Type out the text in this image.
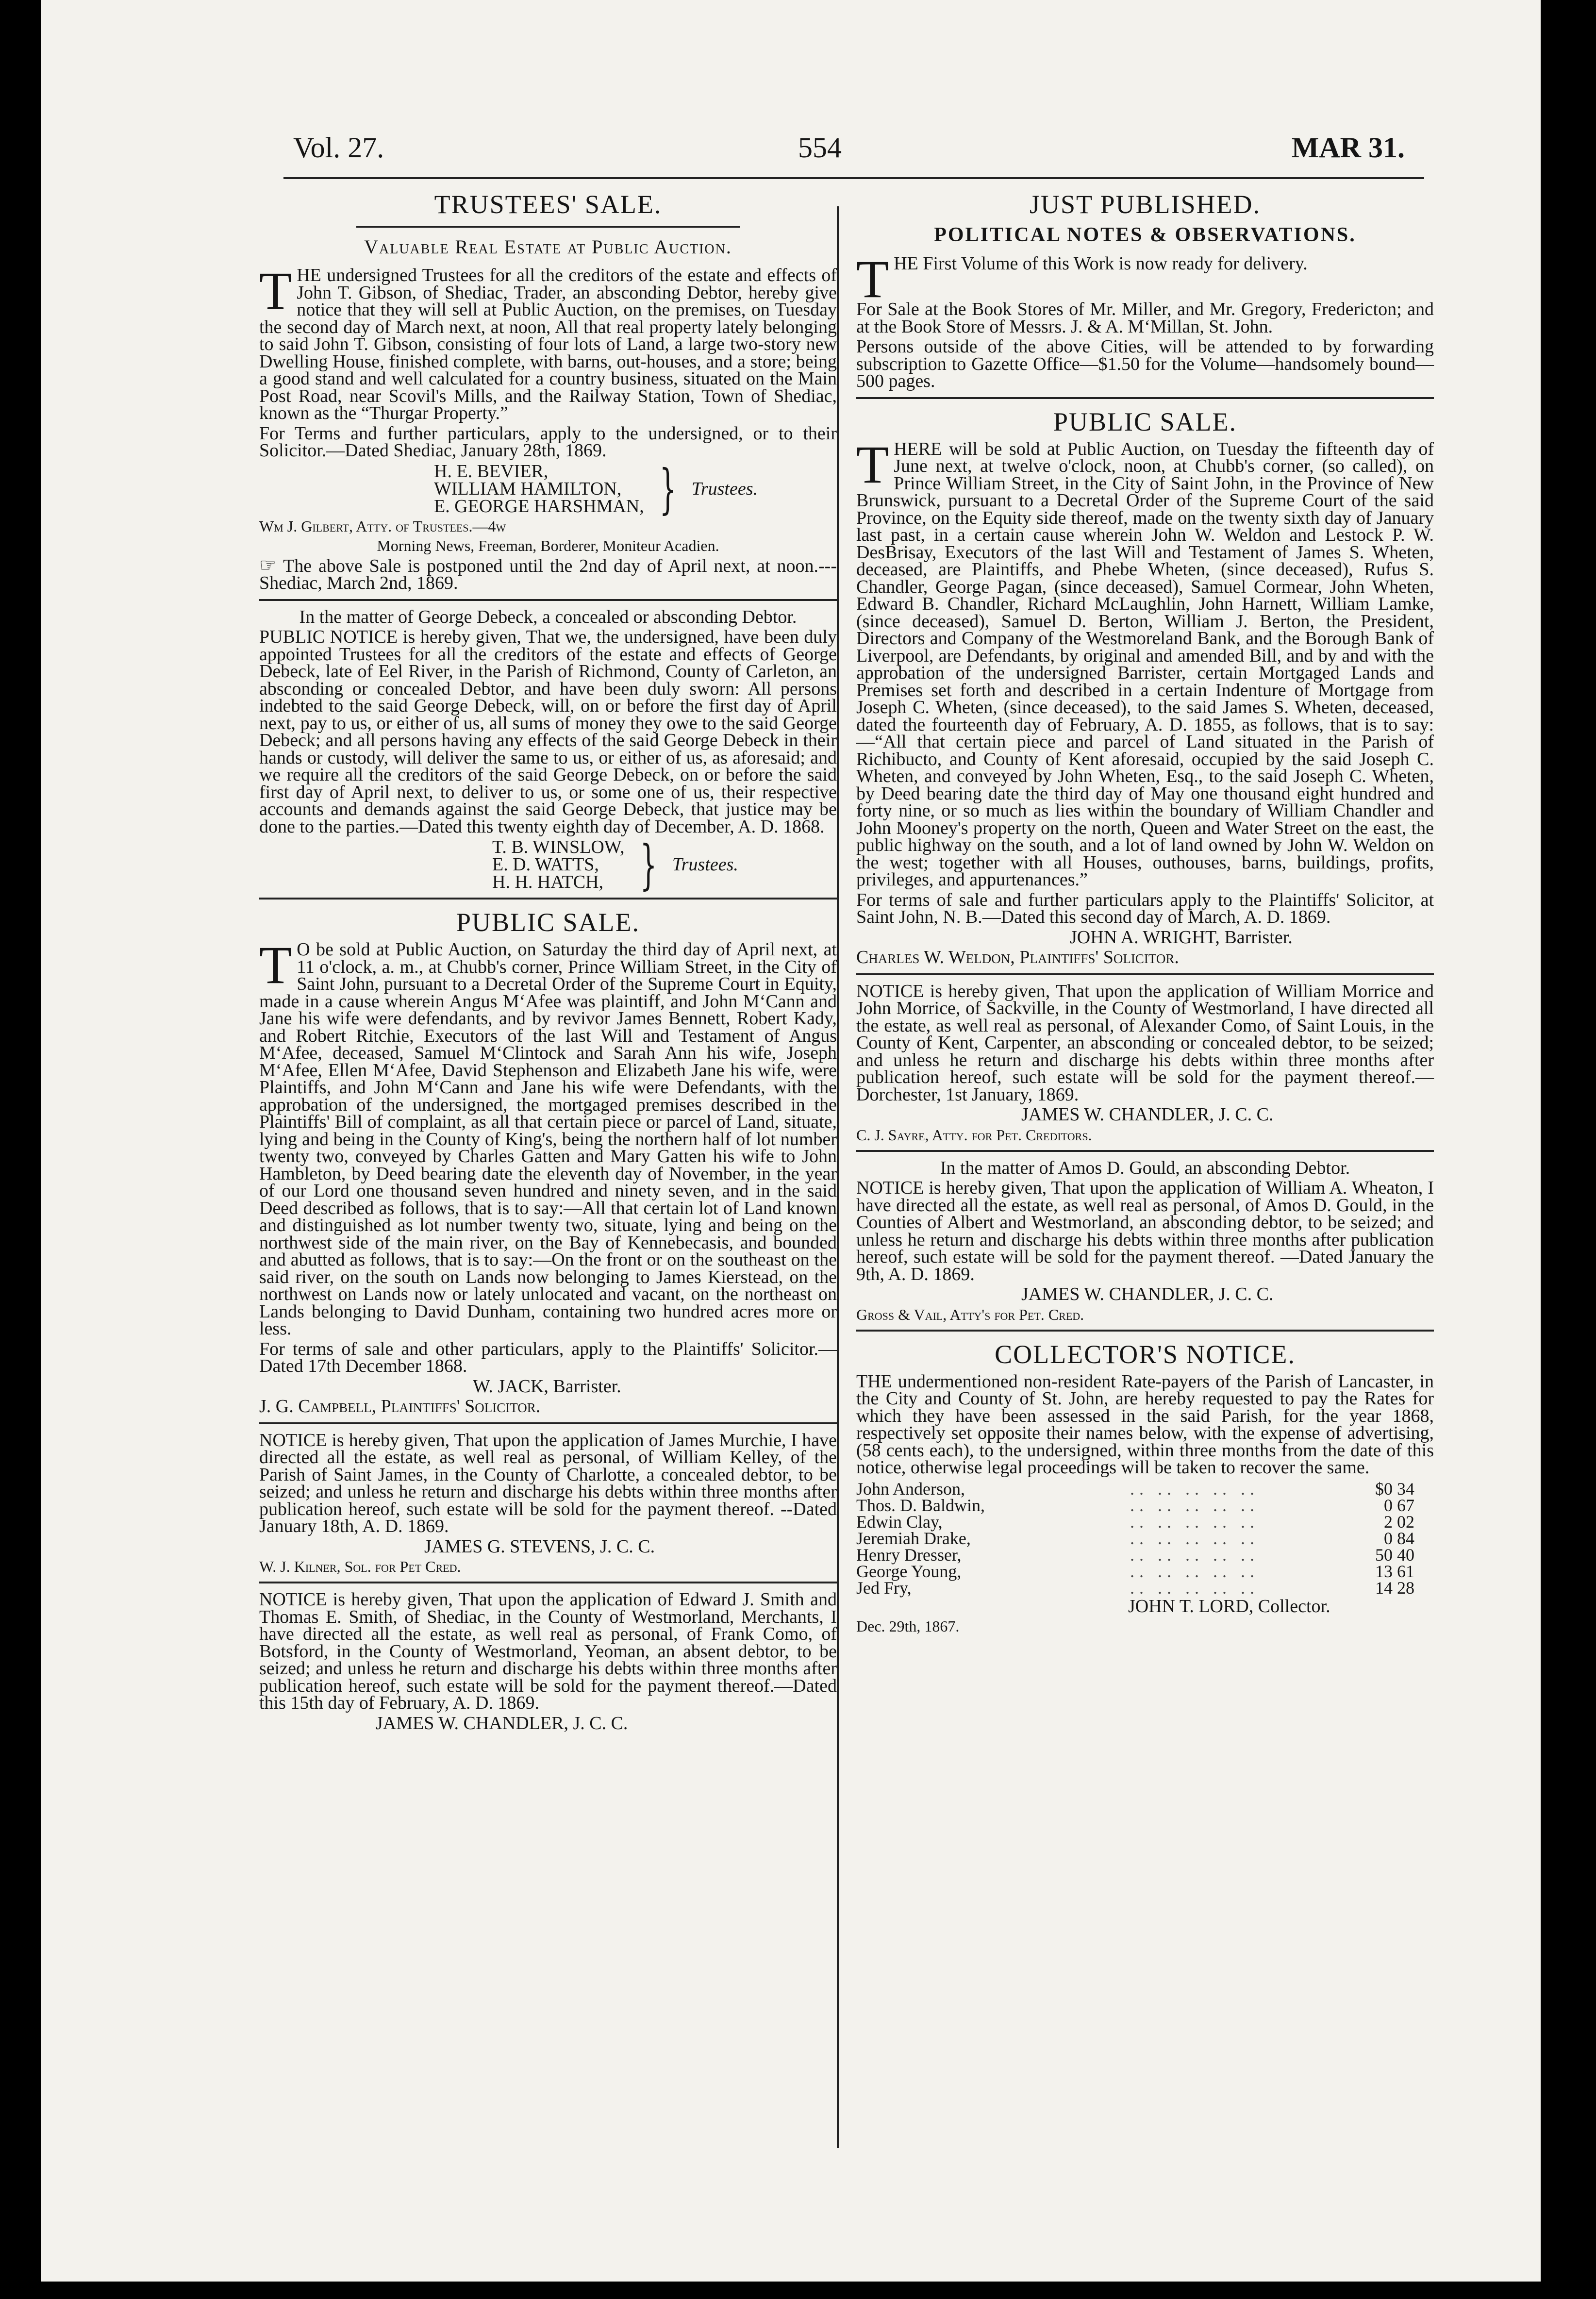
Vol. 27.	554	MAR 31.
TRUSTEES' SALE.
Valuable Real Estate at Public Auction.

THE undersigned Trustees for all the creditors of the estate and effects of John T. Gibson, of Shediac, Trader, an absconding Debtor, hereby give notice that they will sell at Public Auction, on the premises, on Tuesday the second day of March next, at noon, All that real property lately belonging to said John T. Gibson, consisting of four lots of Land, a large two-story new Dwelling House, finished complete, with barns, out-houses, and a store; being a good stand and well calculated for a country business, situated on the Main Post Road, near Scovil's Mills, and the Railway Station, Town of Shediac, known as the “Thurgar Property.”

For Terms and further particulars, apply to the undersigned, or to their Solicitor.—Dated Shediac, January 28th, 1869.

H. E. BEVIER,
WILLIAM HAMILTON,
E. GEORGE HARSHMAN, } Trustees.

Wm J. Gilbert, Atty. of Trustees.—4w

Morning News, Freeman, Borderer, Moniteur Acadien.

☞ The above Sale is postponed until the 2nd day of April next, at noon.---Shediac, March 2nd, 1869.

In the matter of George Debeck, a concealed or absconding Debtor.

PUBLIC NOTICE is hereby given, That we, the undersigned, have been duly appointed Trustees for all the creditors of the estate and effects of George Debeck, late of Eel River, in the Parish of Richmond, County of Carleton, an absconding or concealed Debtor, and have been duly sworn: All persons indebted to the said George Debeck, will, on or before the first day of April next, pay to us, or either of us, all sums of money they owe to the said George Debeck; and all persons having any effects of the said George Debeck in their hands or custody, will deliver the same to us, or either of us, as aforesaid; and we require all the creditors of the said George Debeck, on or before the said first day of April next, to deliver to us, or some one of us, their respective accounts and demands against the said George Debeck, that justice may be done to the parties.—Dated this twenty eighth day of December, A. D. 1868.

T. B. WINSLOW,
E. D. WATTS,
H. H. HATCH, } Trustees.
PUBLIC SALE.

T O be sold at Public Auction, on Saturday the third day of April next, at 11 o'clock, a. m., at Chubb's corner, Prince William Street, in the City of Saint John, pursuant to a Decretal Order of the Supreme Court in Equity, made in a cause wherein Angus M‘Afee was plaintiff, and John M‘Cann and Jane his wife were defendants, and by revivor James Bennett, Robert Kady, and Robert Ritchie, Executors of the last Will and Testament of Angus M‘Afee, deceased, Samuel M‘Clintock and Sarah Ann his wife, Joseph M‘Afee, Ellen M‘Afee, David Stephenson and Elizabeth Jane his wife, were Plaintiffs, and John M‘Cann and Jane his wife were Defendants, with the approbation of the undersigned, the mortgaged premises described in the Plaintiffs' Bill of complaint, as all that certain piece or parcel of Land, situate, lying and being in the County of King's, being the northern half of lot number twenty two, conveyed by Charles Gatten and Mary Gatten his wife to John Hambleton, by Deed bearing date the eleventh day of November, in the year of our Lord one thousand seven hundred and ninety seven, and in the said Deed described as follows, that is to say:—All that certain lot of Land known and distinguished as lot number twenty two, situate, lying and being on the northwest side of the main river, on the Bay of Kennebecasis, and bounded and abutted as follows, that is to say:—On the front or on the southeast on the said river, on the south on Lands now belonging to James Kierstead, on the northwest on Lands now or lately unlocated and vacant, on the northeast on Lands belonging to David Dunham, containing two hundred acres more or less.

For terms of sale and other particulars, apply to the Plaintiffs' Solicitor.—Dated 17th December 1868.

W. JACK, Barrister.

J. G. Campbell, Plaintiffs' Solicitor.

NOTICE is hereby given, That upon the application of James Murchie, I have directed all the estate, as well real as personal, of William Kelley, of the Parish of Saint James, in the County of Charlotte, a concealed debtor, to be seized; and unless he return and discharge his debts within three months after publication hereof, such estate will be sold for the payment thereof. --Dated January 18th, A. D. 1869.

JAMES G. STEVENS, J. C. C.

W. J. Kilner, Sol. for Pet Cred.

NOTICE is hereby given, That upon the application of Edward J. Smith and Thomas E. Smith, of Shediac, in the County of Westmorland, Merchants, I have directed all the estate, as well real as personal, of Frank Como, of Botsford, in the County of Westmorland, Yeoman, an absent debtor, to be seized; and unless he return and discharge his debts within three months after publication hereof, such estate will be sold for the payment thereof.—Dated this 15th day of February, A. D. 1869.

JAMES W. CHANDLER, J. C. C.

JUST PUBLISHED.
POLITICAL NOTES & OBSERVATIONS.

THE First Volume of this Work is now ready for delivery.

For Sale at the Book Stores of Mr. Miller, and Mr. Gregory, Fredericton; and at the Book Store of Messrs. J. & A. M‘Millan, St. John.

Persons outside of the above Cities, will be attended to by forwarding subscription to Gazette Office—$1.50 for the Volume—handsomely bound—500 pages.

PUBLIC SALE.

THERE will be sold at Public Auction, on Tuesday the fifteenth day of June next, at twelve o'clock, noon, at Chubb's corner, (so called), on Prince William Street, in the City of Saint John, in the Province of New Brunswick, pursuant to a Decretal Order of the Supreme Court of the said Province, on the Equity side thereof, made on the twenty sixth day of January last past, in a certain cause wherein John W. Weldon and Lestock P. W. DesBrisay, Executors of the last Will and Testament of James S. Wheten, deceased, are Plaintiffs, and Phebe Wheten, (since deceased), Rufus S. Chandler, George Pagan, (since deceased), Samuel Cormear, John Wheten, Edward B. Chandler, Richard McLaughlin, John Harnett, William Lamke, (since deceased), Samuel D. Berton, William J. Berton, the President, Directors and Company of the Westmoreland Bank, and the Borough Bank of Liverpool, are Defendants, by original and amended Bill, and by and with the approbation of the undersigned Barrister, certain Mortgaged Lands and Premises set forth and described in a certain Indenture of Mortgage from Joseph C. Wheten, (since deceased), to the said James S. Wheten, deceased, dated the fourteenth day of February, A. D. 1855, as follows, that is to say:—“All that certain piece and parcel of Land situated in the Parish of Richibucto, and County of Kent aforesaid, occupied by the said Joseph C. Wheten, and conveyed by John Wheten, Esq., to the said Joseph C. Wheten, by Deed bearing date the third day of May one thousand eight hundred and forty nine, or so much as lies within the boundary of William Chandler and John Mooney's property on the north, Queen and Water Street on the east, the public highway on the south, and a lot of land owned by John W. Weldon on the west; together with all Houses, outhouses, barns, buildings, profits, privileges, and appurtenances.”

For terms of sale and further particulars apply to the Plaintiffs' Solicitor, at Saint John, N. B.—Dated this second day of March, A. D. 1869.

JOHN A. WRIGHT, Barrister.

Charles W. Weldon, Plaintiffs' Solicitor.

NOTICE is hereby given, That upon the application of William Morrice and John Morrice, of Sackville, in the County of Westmorland, I have directed all the estate, as well real as personal, of Alexander Como, of Saint Louis, in the County of Kent, Carpenter, an absconding or concealed debtor, to be seized; and unless he return and discharge his debts within three months after publication hereof, such estate will be sold for the payment thereof.—Dorchester, 1st January, 1869.

JAMES W. CHANDLER, J. C. C.

C. J. Sayre, Atty. for Pet. Creditors.

In the matter of Amos D. Gould, an absconding Debtor.

NOTICE is hereby given, That upon the application of William A. Wheaton, I have directed all the estate, as well real as personal, of Amos D. Gould, in the Counties of Albert and Westmorland, an absconding debtor, to be seized; and unless he return and discharge his debts within three months after publication hereof, such estate will be sold for the payment thereof. —Dated January the 9th, A. D. 1869.

JAMES W. CHANDLER, J. C. C.

Gross & Vail, Atty's for Pet. Cred.

COLLECTOR'S NOTICE.

THE undermentioned non-resident Rate-payers of the Parish of Lancaster, in the City and County of St. John, are hereby requested to pay the Rates for which they have been assessed in the said Parish, for the year 1868, respectively set opposite their names below, with the expense of advertising, (58 cents each), to the undersigned, within three months from the date of this notice, otherwise legal proceedings will be taken to recover the same.

John Anderson,	.. .. .. .. ..	$0 34
Thos. D. Baldwin,	.. .. .. .. ..	0 67
Edwin Clay,	.. .. .. .. ..	2 02
Jeremiah Drake,	.. .. .. .. ..	0 84
Henry Dresser,	.. .. .. .. ..	50 40
George Young,	.. .. .. .. ..	13 61
Jed Fry,	.. .. .. .. ..	14 28

JOHN T. LORD, Collector.

Dec. 29th, 1867.
